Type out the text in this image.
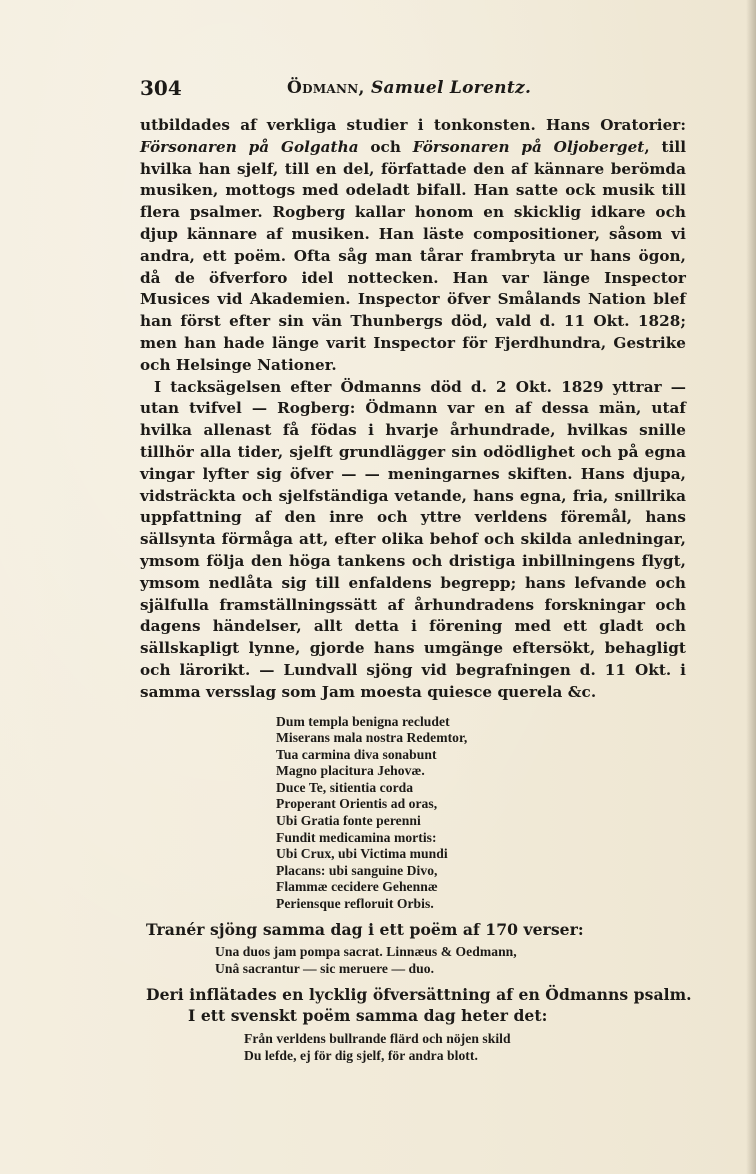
304	Ödmann, Samuel Lorentz.

utbildades af verkliga studier i tonkonsten. Hans Oratorier: Försonaren på Golgatha och Försonaren på Oljoberget, till hvilka han sjelf, till en del, författade den af kännare berömda musiken, mottogs med odeladt bifall. Han satte ock musik till flera psalmer. Rogberg kallar honom en skicklig idkare och djup kännare af musiken. Han läste compositioner, såsom vi andra, ett poëm. Ofta såg man tårar frambryta ur hans ögon, då de öfverforo idel nottecken. Han var länge Inspector Musices vid Akademien. Inspector öfver Smålands Nation blef han först efter sin vän Thunbergs död, vald d. 11 Okt. 1828; men han hade länge varit Inspector för Fjerdhundra, Gestrike och Helsinge Nationer.

I tacksägelsen efter Ödmanns död d. 2 Okt. 1829 yttrar — utan tvifvel — Rogberg: Ödmann var en af dessa män, utaf hvilka allenast få födas i hvarje århundrade, hvilkas snille tillhör alla tider, sjelft grundlägger sin odödlighet och på egna vingar lyfter sig öfver — — meningarnes skiften. Hans djupa, vidsträckta och sjelfständiga vetande, hans egna, fria, snillrika uppfattning af den inre och yttre verldens föremål, hans sällsynta förmåga att, efter olika behof och skilda anledningar, ymsom följa den höga tankens och dristiga inbillningens flygt, ymsom nedlåta sig till enfaldens begrepp; hans lefvande och själfulla framställningssätt af århundradens forskningar och dagens händelser, allt detta i förening med ett gladt och sällskapligt lynne, gjorde hans umgänge eftersökt, behagligt och lärorikt. — Lundvall sjöng vid begrafningen d. 11 Okt. i samma versslag som Jam moesta quiesce querela &c.

Dum templa benigna recludet
Miserans mala nostra Redemtor,
Tua carmina diva sonabunt
Magno placitura Jehovæ.
Duce Te, sitientia corda
Properant Orientis ad oras,
Ubi Gratia fonte perenni
Fundit medicamina mortis:
Ubi Crux, ubi Victima mundi
Placans: ubi sanguine Divo,
Flammæ cecidere Gehennæ
Periensque refloruit Orbis.

Tranér sjöng samma dag i ett poëm af 170 verser:

Una duos jam pompa sacrat. Linnæus & Oedmann,
Unâ sacrantur — sic meruere — duo.

Deri inflätades en lycklig öfversättning af en Ödmanns psalm.

I ett svenskt poëm samma dag heter det:

Från verldens bullrande flärd och nöjen skild
Du lefde, ej för dig sjelf, för andra blott.
